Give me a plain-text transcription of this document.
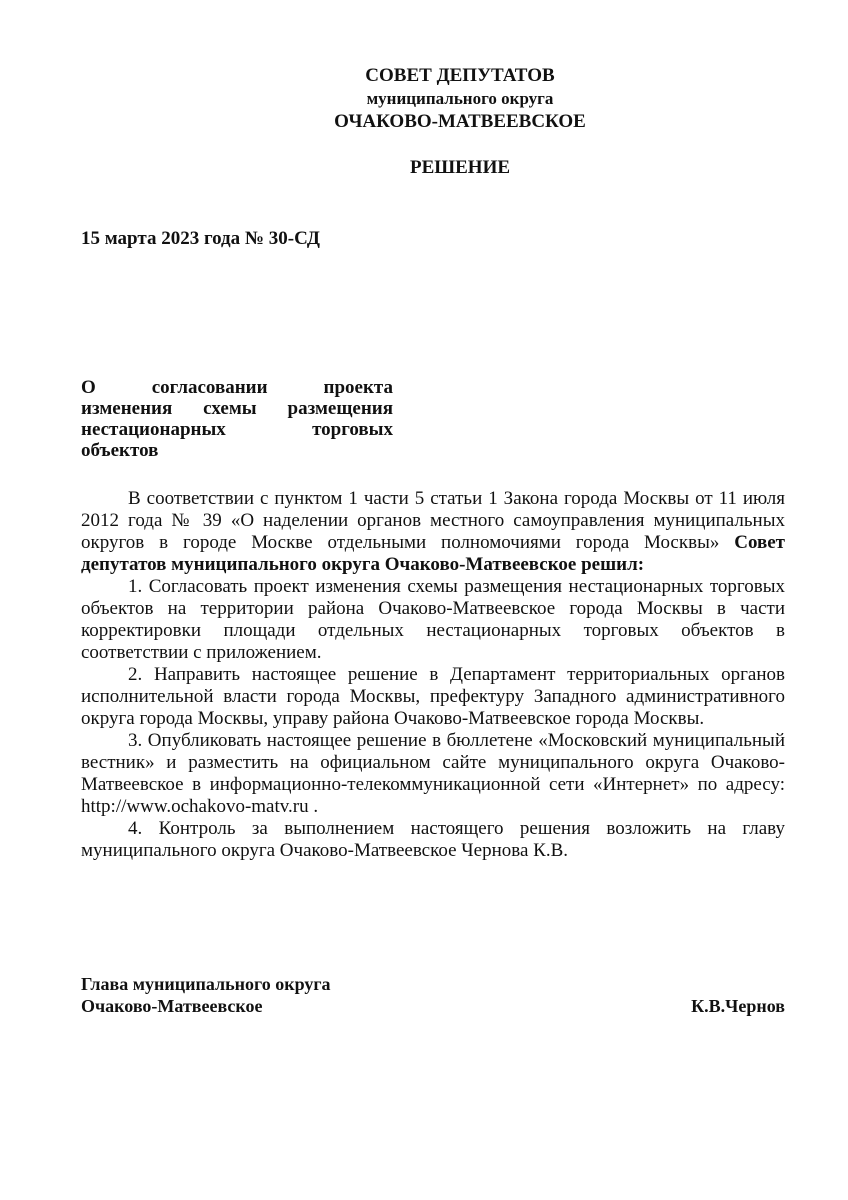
СОВЕТ ДЕПУТАТОВ
муниципального округа
ОЧАКОВО-МАТВЕЕВСКОЕ
РЕШЕНИЕ
15 марта 2023 года № 30-СД
О согласовании проекта
изменения схемы размещения
нестационарных торговых
объектов

В соответствии с пунктом 1 части 5 статьи 1 Закона города Москвы от 11 июля 2012 года № 39 «О наделении органов местного самоуправления муниципальных округов в городе Москве отдельными полномочиями города Москвы» Совет депутатов муниципального округа Очаково-Матвеевское решил:

1. Согласовать проект изменения схемы размещения нестационарных торговых объектов на территории района Очаково-Матвеевское города Москвы в части корректировки площади отдельных нестационарных торговых объектов в соответствии с приложением.

2. Направить настоящее решение в Департамент территориальных органов исполнительной власти города Москвы, префектуру Западного административного округа города Москвы, управу района Очаково-Матвеевское города Москвы.

3. Опубликовать настоящее решение в бюллетене «Московский муниципальный вестник» и разместить на официальном сайте муниципального округа Очаково-Матвеевское в информационно-телекоммуникационной сети «Интернет» по адресу: http://www.ochakovo-matv.ru .

4. Контроль за выполнением настоящего решения возложить на главу муниципального округа Очаково-Матвеевское Чернова К.В.

Глава муниципального округа
Очаково-Матвеевское	К.В.Чернов
